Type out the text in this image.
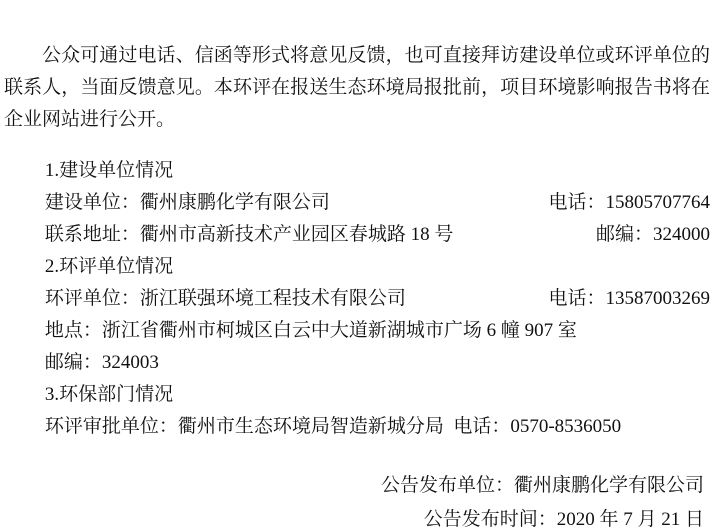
公众可通过电话、信函等形式将意见反馈，也可直接拜访建设单位或环评单位的联系人，当面反馈意见。本环评在报送生态环境局报批前，项目环境影响报告书将在企业网站进行公开。

1.建设单位情况
建设单位：衢州康鹏化学有限公司	电话：15805707764
联系地址：衢州市高新技术产业园区春城路 18 号	邮编：324000
2.环评单位情况
环评单位：浙江联强环境工程技术有限公司	电话：13587003269
地点：浙江省衢州市柯城区白云中大道新湖城市广场 6 幢 907 室
邮编：324003
3.环保部门情况
环评审批单位：衢州市生态环境局智造新城分局  电话：0570-8536050
公告发布单位：衢州康鹏化学有限公司
公告发布时间：2020 年 7 月 21 日
